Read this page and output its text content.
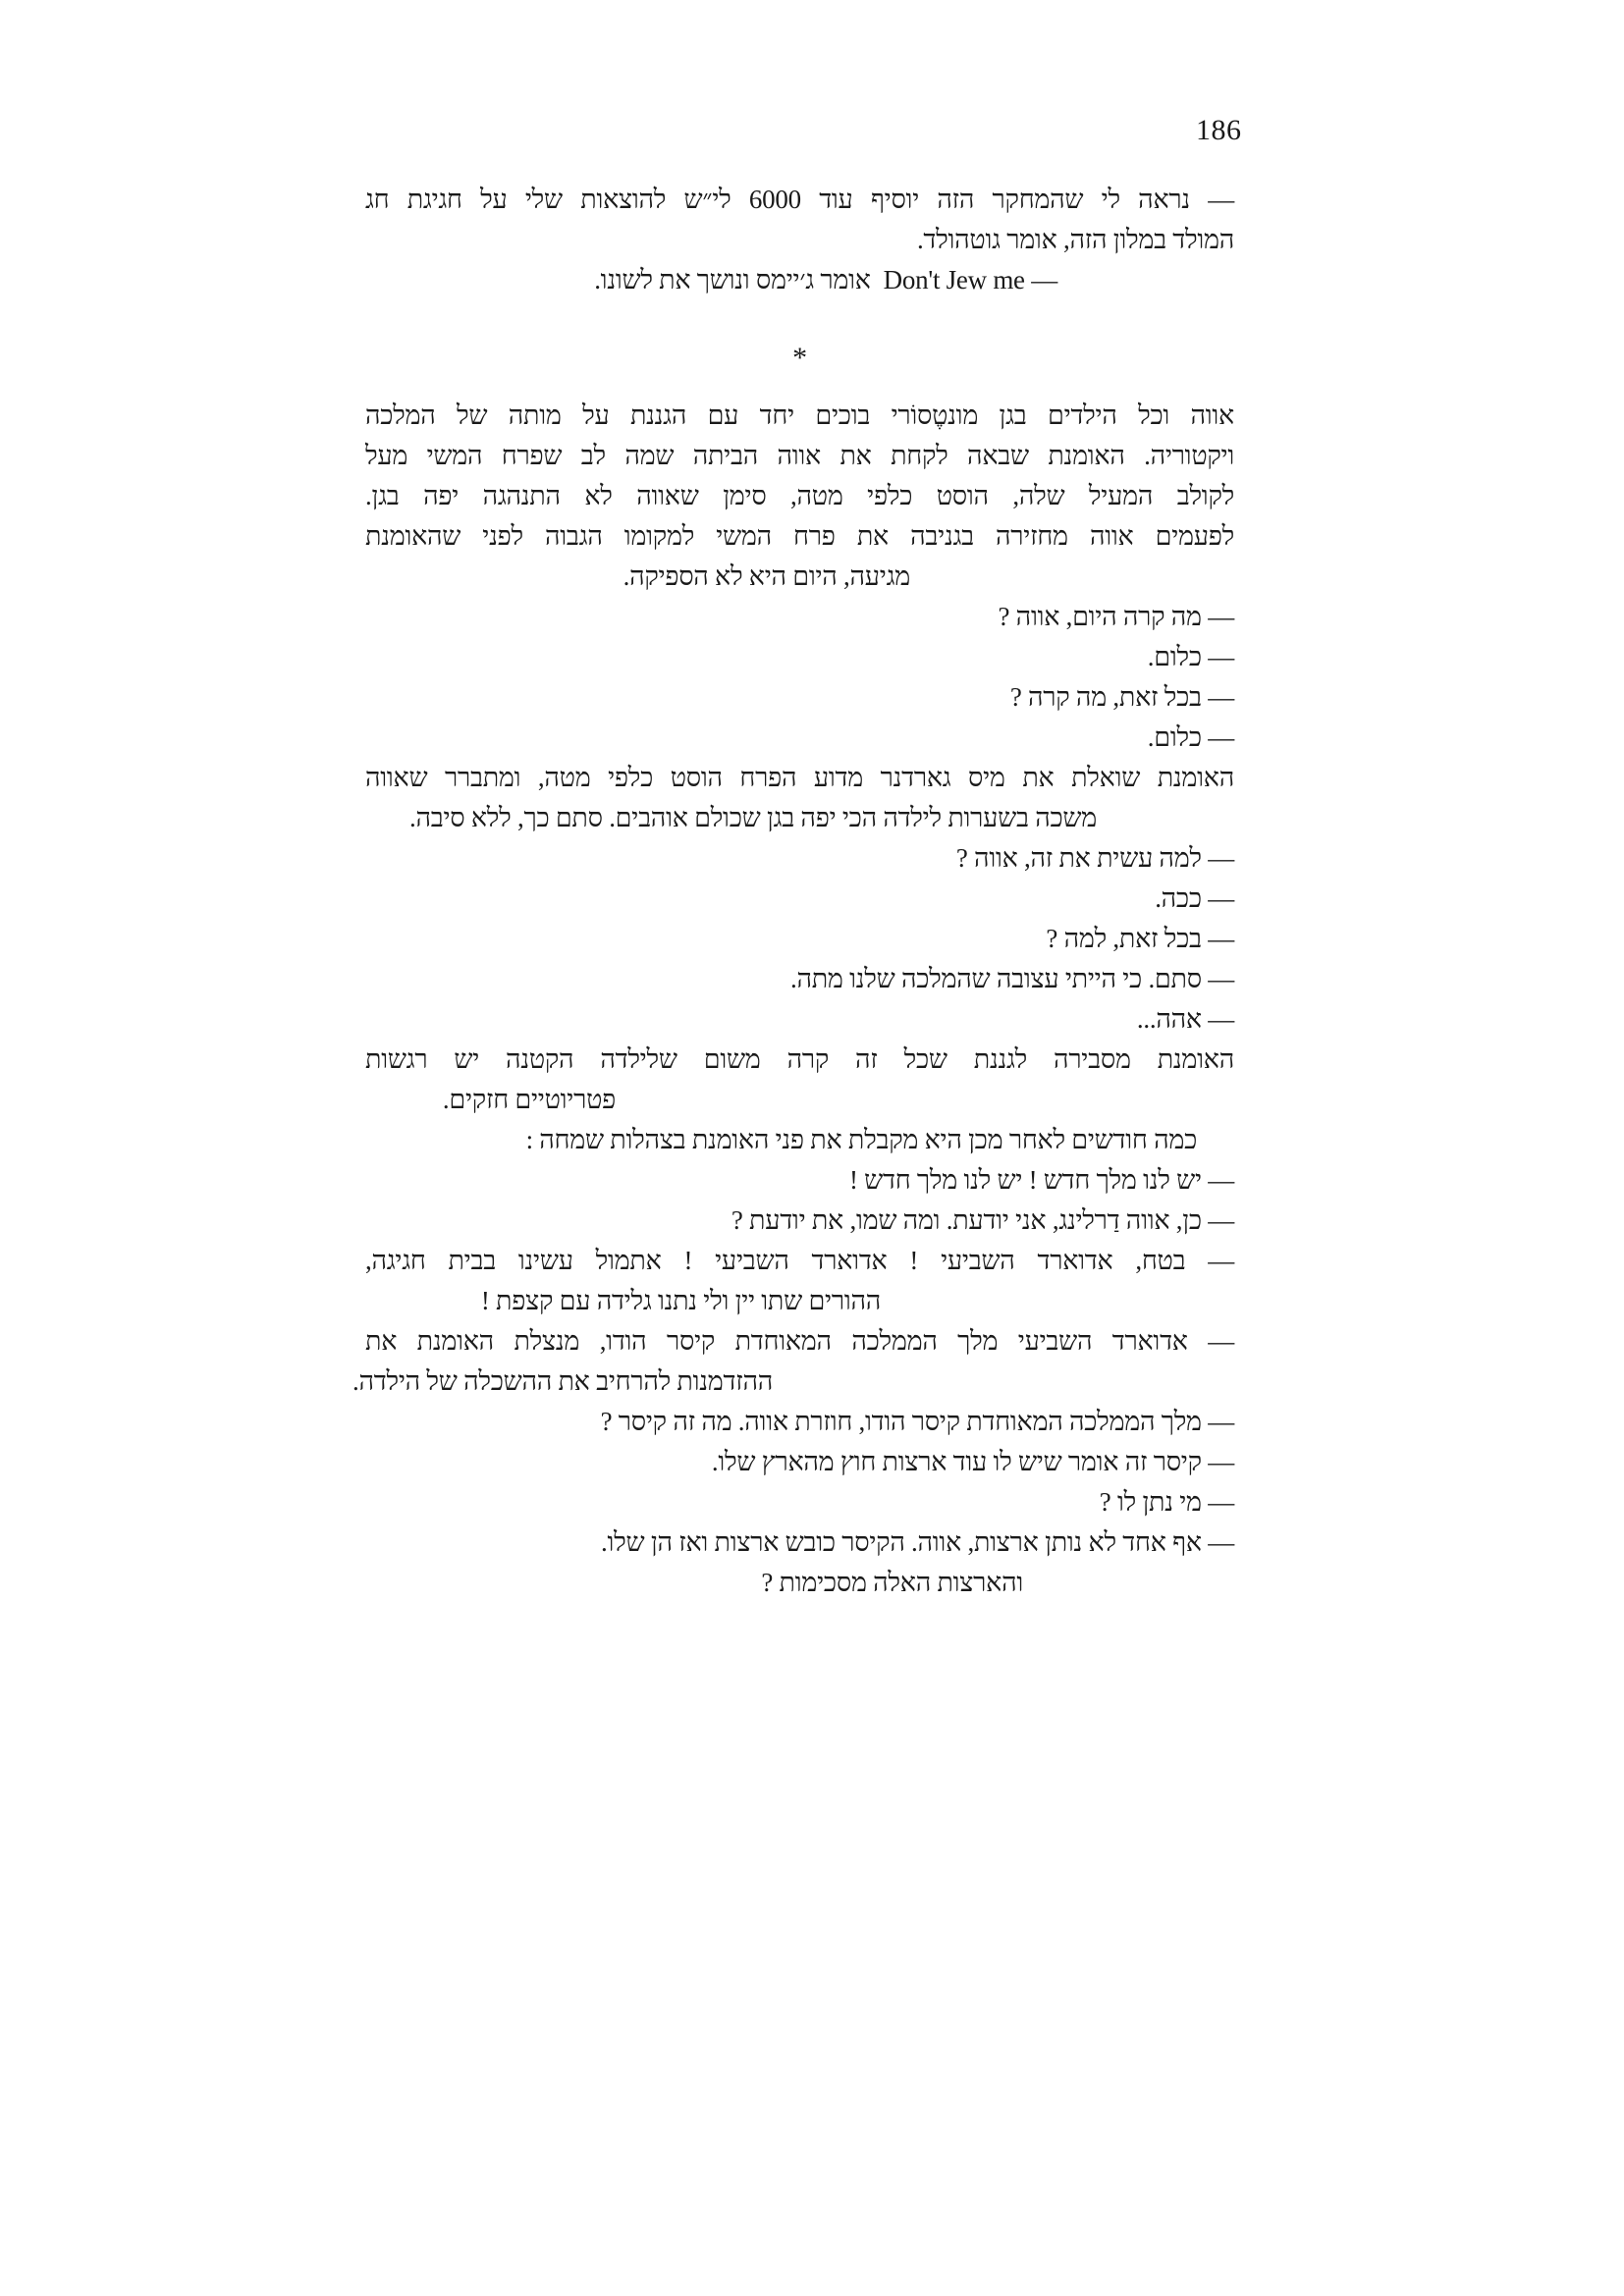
186
— נראה לי שהמחקר הזה יוסיף עוד 6000 לי״ש להוצאות שלי על חגיגת חג
המולד במלון הזה, אומר גוטהולד.
— Don't Jew me  אומר ג׳יימס ונושך את לשונו.
*
אווה וכל הילדים בגן מונטֶסוֹרי בוכים יחד עם הגננת על מותה של המלכה
ויקטוריה. האומנת שבאה לקחת את אווה הביתה שמה לב שפרח המשי מעל
לקולב המעיל שלה, הוסט כלפי מטה, סימן שאווה לא התנהגה יפה בגן.
לפעמים אווה מחזירה בגניבה את פרח המשי למקומו הגבוה לפני שהאומנת
מגיעה, היום היא לא הספיקה.
— מה קרה היום, אווה ?
— כלום.
— בכל זאת, מה קרה ?
— כלום.
האומנת שואלת את מיס גארדנר מדוע הפרח הוסט כלפי מטה, ומתברר שאווה
משכה בשערות לילדה הכי יפה בגן שכולם אוהבים. סתם כך, ללא סיבה.
— למה עשית את זה, אווה ?
— ככה.
— בכל זאת, למה ?
— סתם. כי הייתי עצובה שהמלכה שלנו מתה.
— אהה...
האומנת מסבירה לגננת שכל זה קרה משום שלילדה הקטנה יש רגשות
פטריוטיים חזקים.
כמה חודשים לאחר מכן היא מקבלת את פני האומנת בצהלות שמחה :
— יש לנו מלך חדש ! יש לנו מלך חדש !
— כן, אווה דַרלינג, אני יודעת. ומה שמו, את יודעת ?
— בטח, אדוארד השביעי ! אדוארד השביעי ! אתמול עשינו בבית חגיגה,
ההורים שתו יין ולי נתנו גלידה עם קצפת !
— אדוארד השביעי מלך הממלכה המאוחדת קיסר הודו, מנצלת האומנת את
ההזדמנות להרחיב את ההשכלה של הילדה.
— מלך הממלכה המאוחדת קיסר הודו, חוזרת אווה. מה זה קיסר ?
— קיסר זה אומר שיש לו עוד ארצות חוץ מהארץ שלו.
— מי נתן לו ?
— אף אחד לא נותן ארצות, אווה. הקיסר כובש ארצות ואז הן שלו.
והארצות האלה מסכימות ?
